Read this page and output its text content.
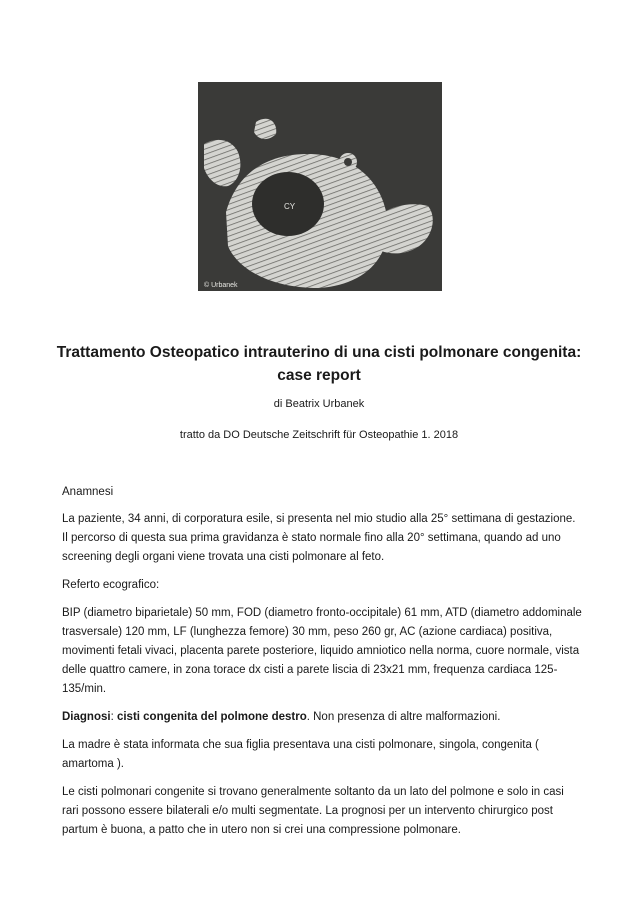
CY
© Urbanek
Trattamento Osteopatico intrauterino di una cisti polmonare congenita: case report
di Beatrix Urbanek
tratto da DO Deutsche Zeitschrift für Osteopathie 1. 2018

Anamnesi

La paziente, 34 anni, di corporatura esile, si presenta nel mio studio alla 25° settimana di gestazione. Il percorso di questa sua prima gravidanza è stato normale fino alla 20° settimana, quando ad uno screening degli organi viene trovata una cisti polmonare al feto.

Referto ecografico:

BIP (diametro biparietale) 50 mm, FOD (diametro fronto-occipitale) 61 mm, ATD (diametro addominale trasversale) 120 mm, LF (lunghezza femore) 30 mm, peso 260 gr, AC (azione cardiaca) positiva, movimenti fetali vivaci, placenta parete posteriore, liquido amniotico nella norma, cuore normale, vista delle quattro camere, in zona torace dx cisti a parete liscia di 23x21 mm, frequenza cardiaca 125-135/min.

Diagnosi: cisti congenita del polmone destro. Non presenza di altre malformazioni.

La madre è stata informata che sua figlia presentava una cisti polmonare, singola, congenita ( amartoma ).

Le cisti polmonari congenite si trovano generalmente soltanto da un lato del polmone e solo in casi rari possono essere bilaterali e/o multi segmentate. La prognosi per un intervento chirurgico post partum è buona, a patto che in utero non si crei una compressione polmonare.
